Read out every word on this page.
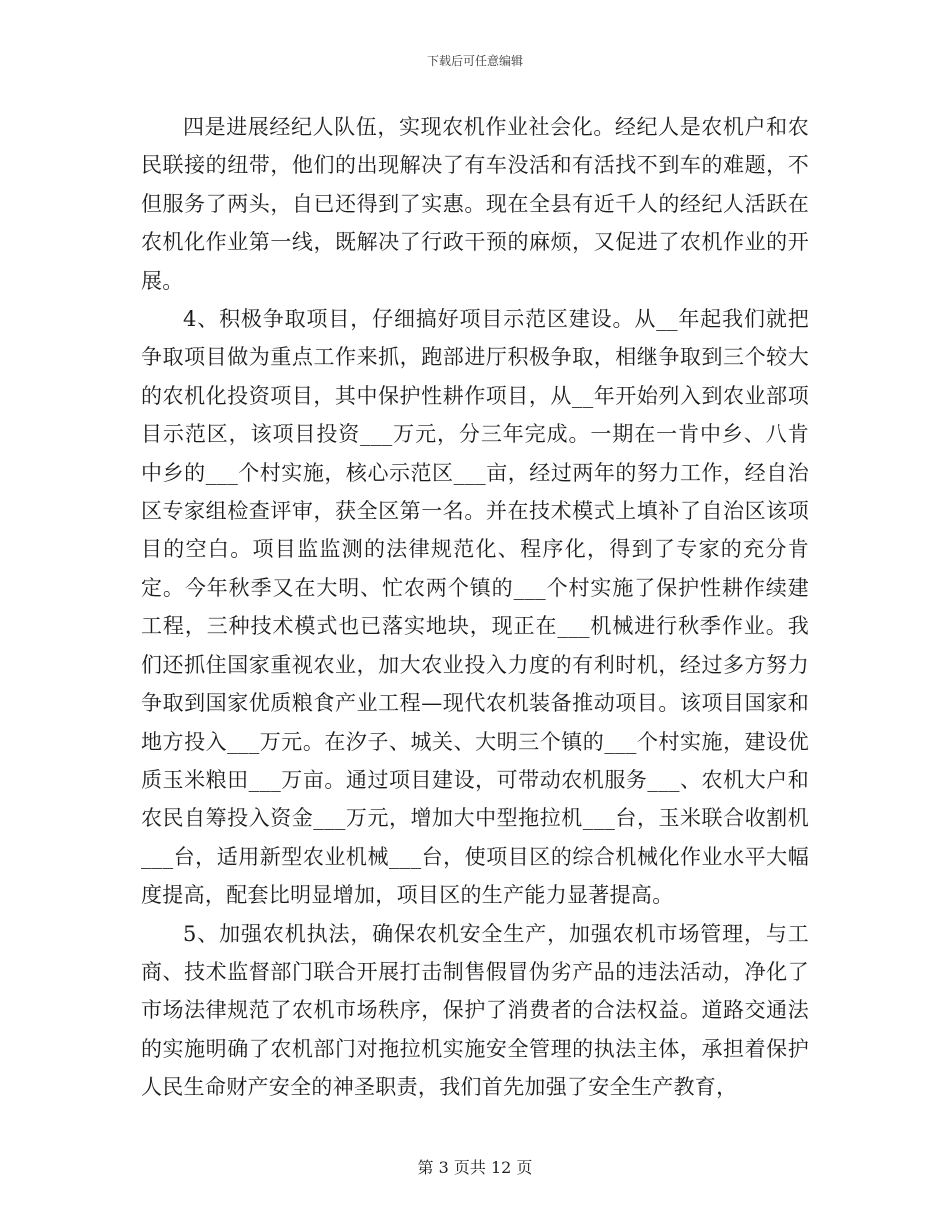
下载后可任意编辑

四是进展经纪人队伍，实现农机作业社会化。经纪人是农机户和农民联接的纽带，他们的出现解决了有车没活和有活找不到车的难题，不但服务了两头，自已还得到了实惠。现在全县有近千人的经纪人活跃在农机化作业第一线，既解决了行政干预的麻烦，又促进了农机作业的开展。

4、积极争取项目，仔细搞好项目示范区建设。从__年起我们就把争取项目做为重点工作来抓，跑部进厅积极争取，相继争取到三个较大的农机化投资项目，其中保护性耕作项目，从__年开始列入到农业部项目示范区，该项目投资___万元，分三年完成。一期在一肯中乡、八肯中乡的___个村实施，核心示范区___亩，经过两年的努力工作，经自治区专家组检查评审，获全区第一名。并在技术模式上填补了自治区该项目的空白。项目监监测的法律规范化、程序化，得到了专家的充分肯定。今年秋季又在大明、忙农两个镇的___个村实施了保护性耕作续建工程，三种技术模式也已落实地块，现正在___机械进行秋季作业。我们还抓住国家重视农业，加大农业投入力度的有利时机，经过多方努力争取到国家优质粮食产业工程—现代农机装备推动项目。该项目国家和地方投入___万元。在汐子、城关、大明三个镇的___个村实施，建设优质玉米粮田___万亩。通过项目建设，可带动农机服务___、农机大户和农民自筹投入资金___万元，增加大中型拖拉机___台，玉米联合收割机___台，适用新型农业机械___台，使项目区的综合机械化作业水平大幅度提高，配套比明显增加，项目区的生产能力显著提高。

5、加强农机执法，确保农机安全生产，加强农机市场管理，与工商、技术监督部门联合开展打击制售假冒伪劣产品的违法活动，净化了市场法律规范了农机市场秩序，保护了消费者的合法权益。道路交通法的实施明确了农机部门对拖拉机实施安全管理的执法主体，承担着保护人民生命财产安全的神圣职责，我们首先加强了安全生产教育，

第 3 页共 12 页
